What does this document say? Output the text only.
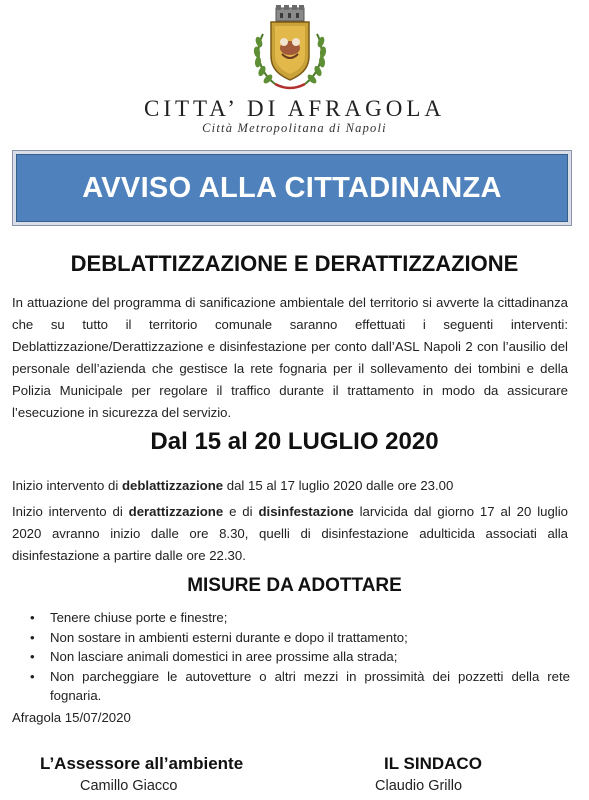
CITTA’ DI AFRAGOLA
Città Metropolitana di Napoli
AVVISO ALLA CITTADINANZA
DEBLATTIZZAZIONE E DERATTIZZAZIONE
In attuazione del programma di sanificazione ambientale del territorio si avverte la cittadinanza che su tutto il territorio comunale saranno effettuati i seguenti interventi: Deblattizzazione/Derattizzazione e disinfestazione per conto dall’ASL Napoli 2 con l’ausilio del personale dell’azienda che gestisce la rete fognaria per il sollevamento dei tombini e della Polizia Municipale per regolare il traffico durante il trattamento in modo da assicurare l’esecuzione in sicurezza del servizio.
Dal 15 al 20 LUGLIO 2020
Inizio intervento di deblattizzazione dal 15 al 17 luglio 2020 dalle ore 23.00
Inizio intervento di derattizzazione e di disinfestazione larvicida dal giorno 17 al 20 luglio 2020 avranno inizio dalle ore 8.30, quelli di disinfestazione adulticida associati alla disinfestazione a partire dalle ore 22.30.
MISURE DA ADOTTARE
• Tenere chiuse porte e finestre;
• Non sostare in ambienti esterni durante e dopo il trattamento;
• Non lasciare animali domestici in aree prossime alla strada;
• Non parcheggiare le autovetture o altri mezzi in prossimità dei pozzetti della rete fognaria.
Afragola 15/07/2020
L’Assessore all’ambiente
Camillo Giacco
IL SINDACO
Claudio Grillo
